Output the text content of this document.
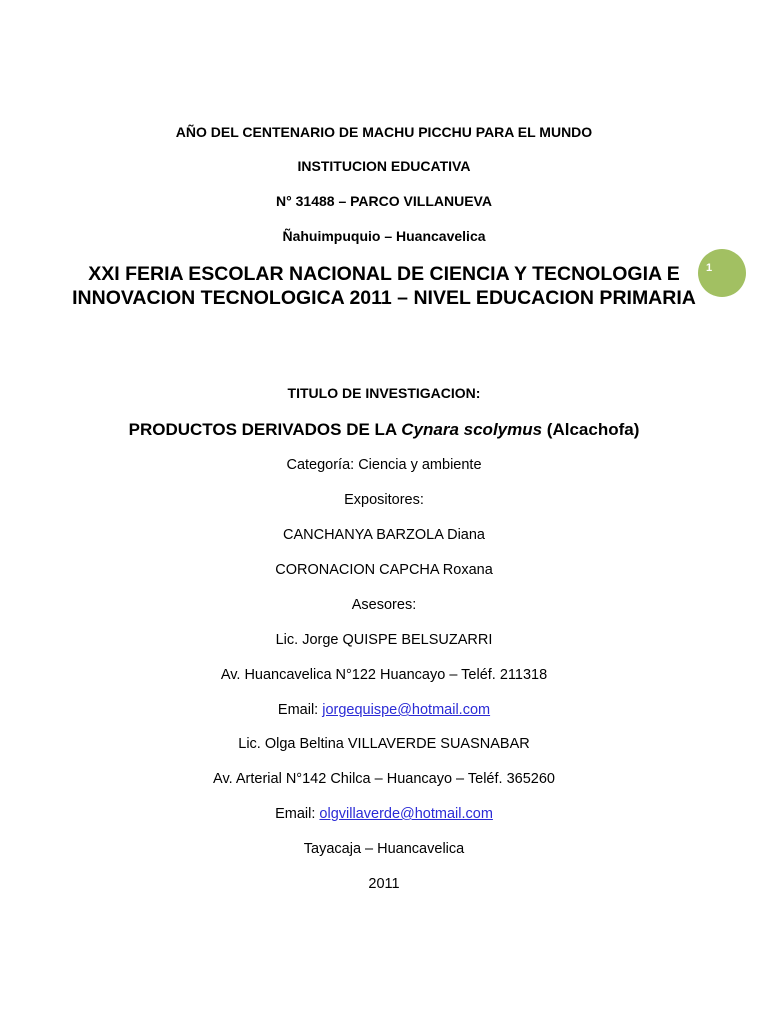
AÑO DEL CENTENARIO DE MACHU PICCHU PARA EL MUNDO
INSTITUCION EDUCATIVA
N° 31488 – PARCO VILLANUEVA
Ñahuimpuquio – Huancavelica
XXI FERIA ESCOLAR NACIONAL DE CIENCIA Y TECNOLOGIA E INNOVACION TECNOLOGICA 2011 – NIVEL EDUCACION PRIMARIA
1
TITULO DE INVESTIGACION:
PRODUCTOS DERIVADOS DE LA Cynara scolymus (Alcachofa)
Categoría: Ciencia y ambiente
Expositores:
CANCHANYA BARZOLA Diana
CORONACION CAPCHA Roxana
Asesores:
Lic. Jorge QUISPE BELSUZARRI
Av. Huancavelica N°122 Huancayo – Teléf. 211318
Email: jorgequispe@hotmail.com
Lic. Olga Beltina VILLAVERDE SUASNABAR
Av. Arterial N°142 Chilca – Huancayo – Teléf. 365260
Email: olgvillaverde@hotmail.com
Tayacaja – Huancavelica
2011
